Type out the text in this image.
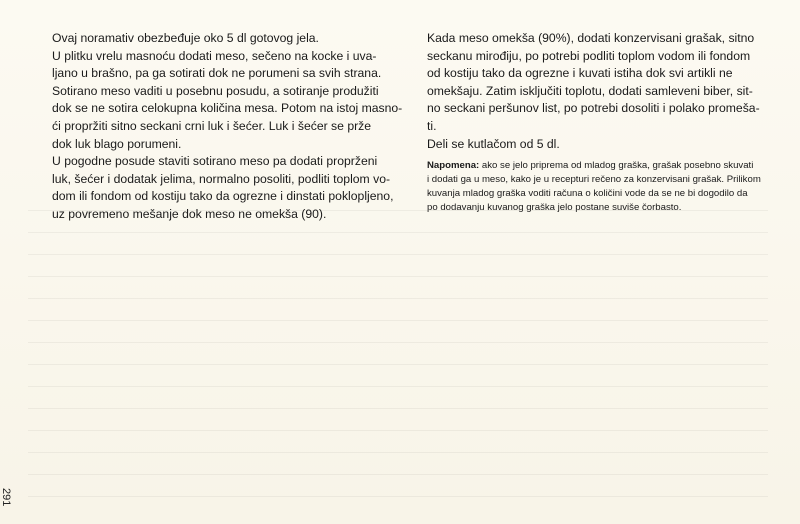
Ovaj noramativ obezbeđuje oko 5 dl gotovog jela.

U plitku vrelu masnoću dodati meso, sečeno na kocke i uva-
ljano u brašno, pa ga sotirati dok ne porumeni sa svih strana.
Sotirano meso vaditi u posebnu posudu, a sotiranje produžiti
dok se ne sotira celokupna količina mesa. Potom na istoj masno-
ći propržiti sitno seckani crni luk i šećer. Luk i šećer se prže
dok luk blago porumeni.

U pogodne posude staviti sotirano meso pa dodati proprženi
luk, šećer i dodatak jelima, normalno posoliti, podliti toplom vo-
dom ili fondom od kostiju tako da ogrezne i dinstati poklopljeno,
uz povremeno mešanje dok meso ne omekša (90).

Kada meso omekša (90%), dodati konzervisani grašak, sitno
seckanu mirođiju, po potrebi podliti toplom vodom ili fondom
od kostiju tako da ogrezne i kuvati istiha dok svi artikli ne
omekšaju. Zatim isključiti toplotu, dodati samleveni biber, sit-
no seckani peršunov list, po potrebi dosoliti i polako promeša-
ti.

Deli se kutlačom od 5 dl.

Napomena: ako se jelo priprema od mladog graška, grašak posebno skuvati
i dodati ga u meso, kako je u recepturi rečeno za konzervisani grašak. Prilikom
kuvanja mladog graška voditi računa o količini vode da se ne bi dogodilo da
po dodavanju kuvanog graška jelo postane suviše čorbasto.

291
